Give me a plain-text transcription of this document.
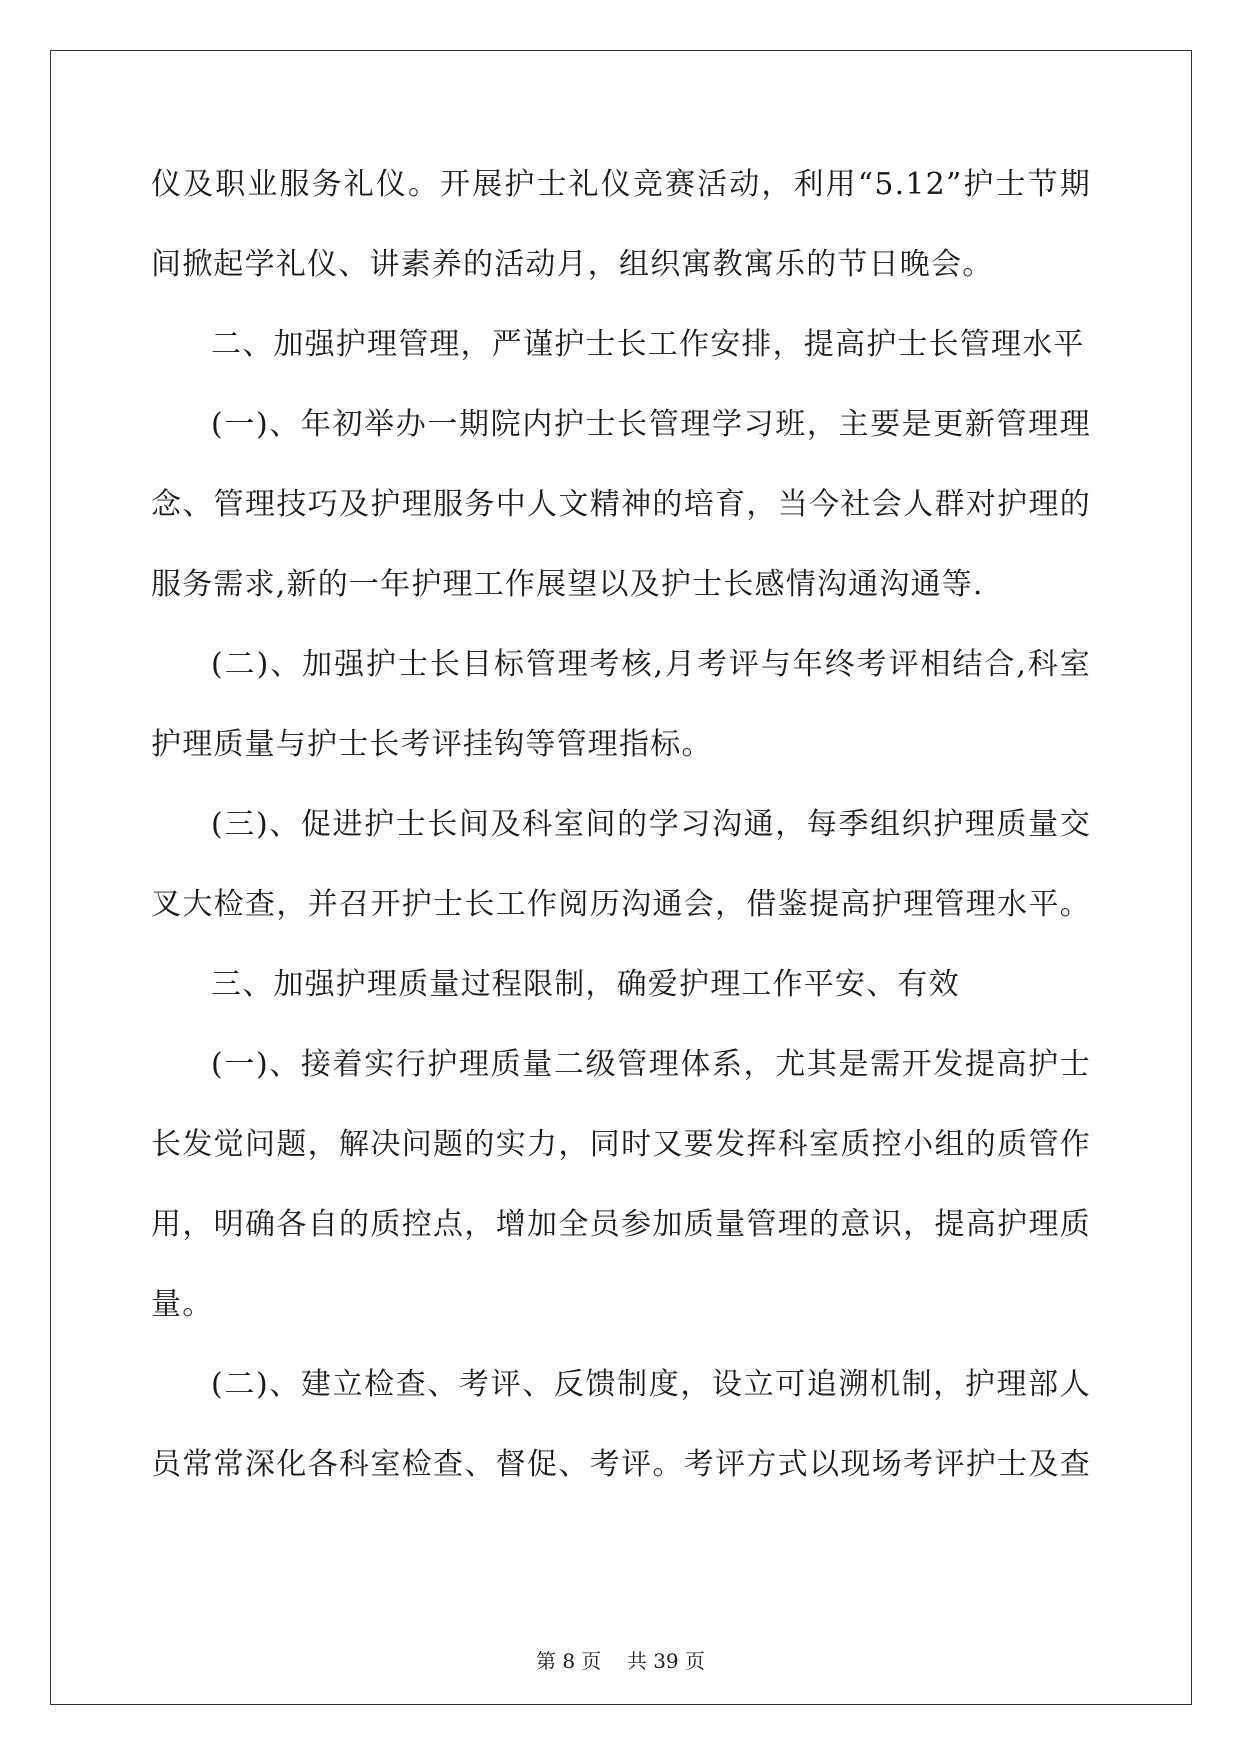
仪及职业服务礼仪。开展护士礼仪竞赛活动，利用“5.12”护士节期
间掀起学礼仪、讲素养的活动月，组织寓教寓乐的节日晚会。
二、加强护理管理，严谨护士长工作安排，提高护士长管理水平
(一)、年初举办一期院内护士长管理学习班，主要是更新管理理
念、管理技巧及护理服务中人文精神的培育，当今社会人群对护理的
服务需求,新的一年护理工作展望以及护士长感情沟通沟通等.
(二)、加强护士长目标管理考核,月考评与年终考评相结合,科室
护理质量与护士长考评挂钩等管理指标。
(三)、促进护士长间及科室间的学习沟通，每季组织护理质量交
叉大检查，并召开护士长工作阅历沟通会，借鉴提高护理管理水平。
三、加强护理质量过程限制，确爱护理工作平安、有效
(一)、接着实行护理质量二级管理体系，尤其是需开发提高护士
长发觉问题，解决问题的实力，同时又要发挥科室质控小组的质管作
用，明确各自的质控点，增加全员参加质量管理的意识，提高护理质
量。
(二)、建立检查、考评、反馈制度，设立可追溯机制，护理部人
员常常深化各科室检查、督促、考评。考评方式以现场考评护士及查
第 8 页    共 39 页
